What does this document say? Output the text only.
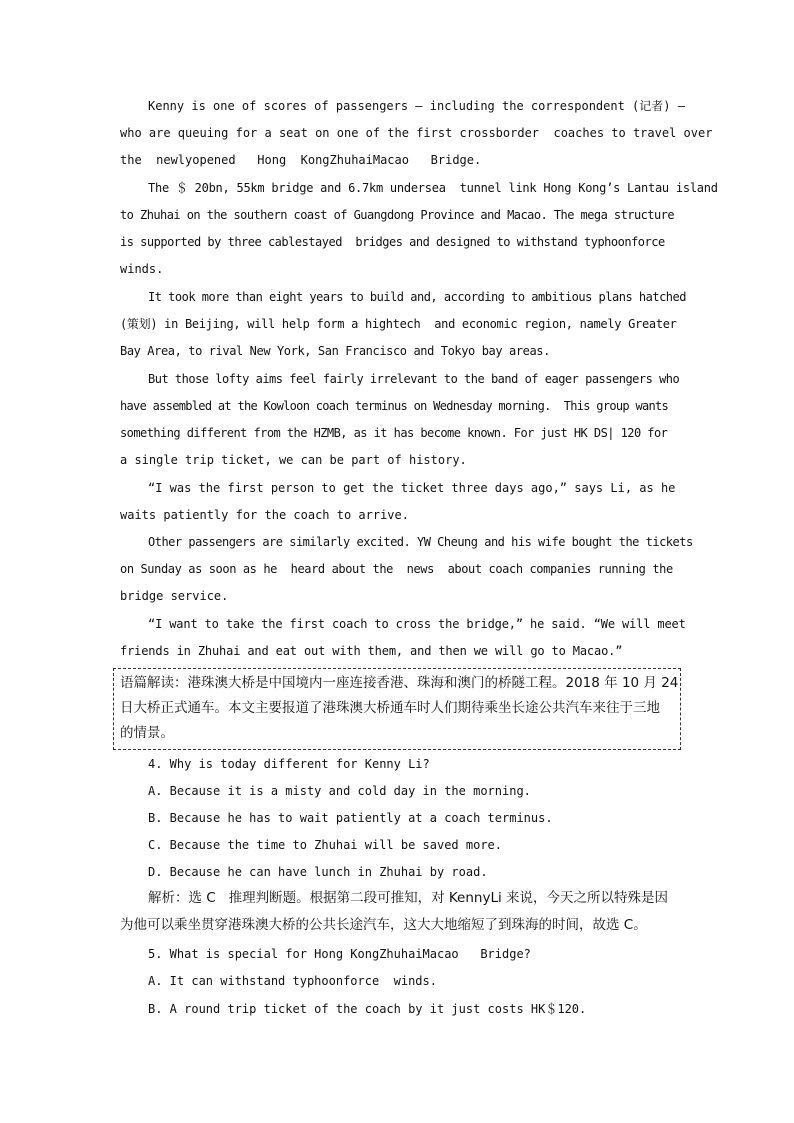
Kenny is one of scores of passengers — including the correspondent (记者) —
who are queuing for a seat on one of the first crossborder  coaches to travel over
the  newlyopened   Hong  KongZhuhaiMacao   Bridge.
The ＄ 20bn, 55km bridge and 6.7km undersea  tunnel link Hong Kong’s Lantau island
to Zhuhai on the southern coast of Guangdong Province and Macao. The mega structure
is supported by three cablestayed  bridges and designed to withstand typhoonforce
winds.
It took more than eight years to build and, according to ambitious plans hatched
(策划) in Beijing, will help form a hightech  and economic region, namely Greater
Bay Area, to rival New York, San Francisco and Tokyo bay areas.
But those lofty aims feel fairly irrelevant to the band of eager passengers who
have assembled at the Kowloon coach terminus on Wednesday morning.  This group wants
something different from the HZMB, as it has become known. For just HK DS| 120 for
a single trip ticket, we can be part of history.
“I was the first person to get the ticket three days ago,” says Li, as he
waits patiently for the coach to arrive.
Other passengers are similarly excited. YW Cheung and his wife bought the tickets
on Sunday as soon as he  heard about the  news  about coach companies running the
bridge service.
“I want to take the first coach to cross the bridge,” he said. “We will meet
friends in Zhuhai and eat out with them, and then we will go to Macao.”
语篇解读：港珠澳大桥是中国境内一座连接香港、珠海和澳门的桥隧工程。2018 年 10 月 24
日大桥正式通车。本文主要报道了港珠澳大桥通车时人们期待乘坐长途公共汽车来往于三地
的情景。
4. Why is today different for Kenny Li?
A. Because it is a misty and cold day in the morning.
B. Because he has to wait patiently at a coach terminus.
C. Because the time to Zhuhai will be saved more.
D. Because he can have lunch in Zhuhai by road.
解析：选 C   推理判断题。根据第二段可推知，对 KennyLi 来说，今天之所以特殊是因
为他可以乘坐贯穿港珠澳大桥的公共长途汽车，这大大地缩短了到珠海的时间，故选 C。
5. What is special for Hong KongZhuhaiMacao   Bridge?
A. It can withstand typhoonforce  winds.
B. A round trip ticket of the coach by it just costs HK＄120.
